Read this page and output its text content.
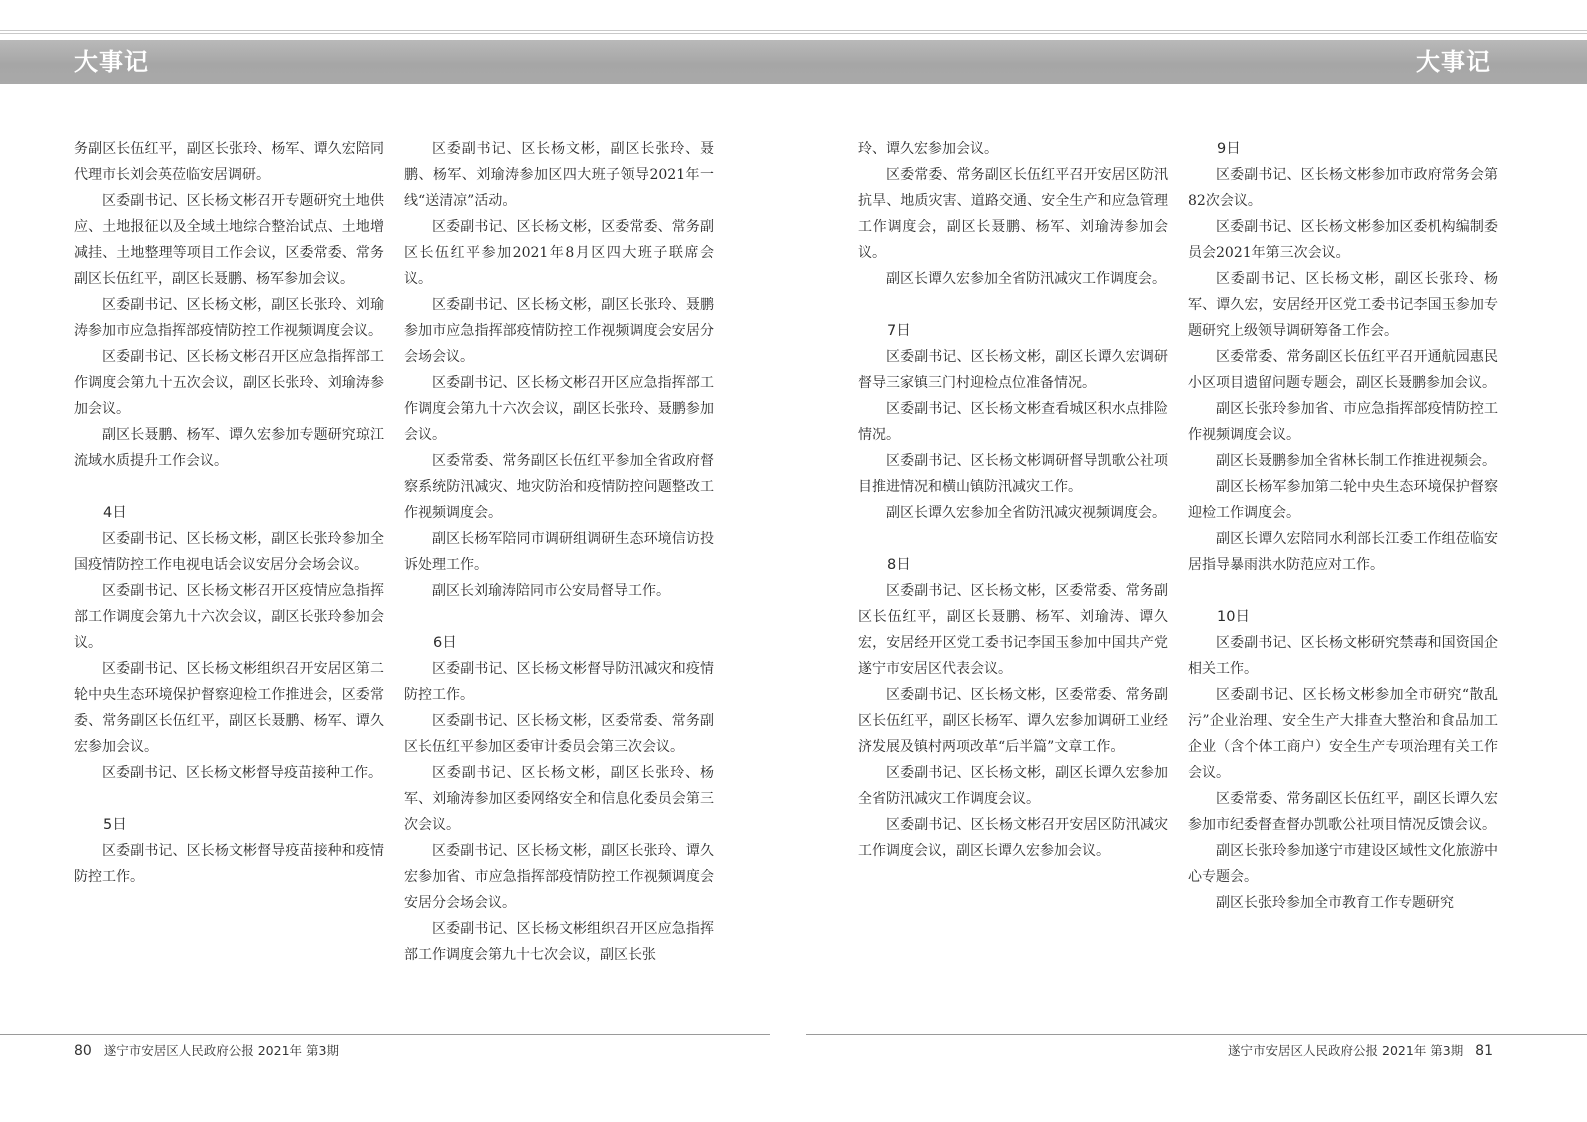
大事记	大事记

务副区长伍红平，副区长张玲、杨军、谭久宏陪同代理市长刘会英莅临安居调研。

区委副书记、区长杨文彬召开专题研究土地供应、土地报征以及全域土地综合整治试点、土地增减挂、土地整理等项目工作会议，区委常委、常务副区长伍红平，副区长聂鹏、杨军参加会议。

区委副书记、区长杨文彬，副区长张玲、刘瑜涛参加市应急指挥部疫情防控工作视频调度会议。

区委副书记、区长杨文彬召开区应急指挥部工作调度会第九十五次会议，副区长张玲、刘瑜涛参加会议。

副区长聂鹏、杨军、谭久宏参加专题研究琼江流域水质提升工作会议。

4日

区委副书记、区长杨文彬，副区长张玲参加全国疫情防控工作电视电话会议安居分会场会议。

区委副书记、区长杨文彬召开区疫情应急指挥部工作调度会第九十六次会议，副区长张玲参加会议。

区委副书记、区长杨文彬组织召开安居区第二轮中央生态环境保护督察迎检工作推进会，区委常委、常务副区长伍红平，副区长聂鹏、杨军、谭久宏参加会议。

区委副书记、区长杨文彬督导疫苗接种工作。

5日

区委副书记、区长杨文彬督导疫苗接种和疫情防控工作。

区委副书记、区长杨文彬，副区长张玲、聂鹏、杨军、刘瑜涛参加区四大班子领导2021年一线“送清凉”活动。

区委副书记、区长杨文彬，区委常委、常务副区长伍红平参加2021年8月区四大班子联席会议。

区委副书记、区长杨文彬，副区长张玲、聂鹏参加市应急指挥部疫情防控工作视频调度会安居分会场会议。

区委副书记、区长杨文彬召开区应急指挥部工作调度会第九十六次会议，副区长张玲、聂鹏参加会议。

区委常委、常务副区长伍红平参加全省政府督察系统防汛减灾、地灾防治和疫情防控问题整改工作视频调度会。

副区长杨军陪同市调研组调研生态环境信访投诉处理工作。

副区长刘瑜涛陪同市公安局督导工作。

6日

区委副书记、区长杨文彬督导防汛减灾和疫情防控工作。

区委副书记、区长杨文彬，区委常委、常务副区长伍红平参加区委审计委员会第三次会议。

区委副书记、区长杨文彬，副区长张玲、杨军、刘瑜涛参加区委网络安全和信息化委员会第三次会议。

区委副书记、区长杨文彬，副区长张玲、谭久宏参加省、市应急指挥部疫情防控工作视频调度会安居分会场会议。

区委副书记、区长杨文彬组织召开区应急指挥部工作调度会第九十七次会议，副区长张

玲、谭久宏参加会议。

区委常委、常务副区长伍红平召开安居区防汛抗旱、地质灾害、道路交通、安全生产和应急管理工作调度会，副区长聂鹏、杨军、刘瑜涛参加会议。

副区长谭久宏参加全省防汛减灾工作调度会。

7日

区委副书记、区长杨文彬，副区长谭久宏调研督导三家镇三门村迎检点位准备情况。

区委副书记、区长杨文彬查看城区积水点排险情况。

区委副书记、区长杨文彬调研督导凯歌公社项目推进情况和横山镇防汛减灾工作。

副区长谭久宏参加全省防汛减灾视频调度会。

8日

区委副书记、区长杨文彬，区委常委、常务副区长伍红平，副区长聂鹏、杨军、刘瑜涛、谭久宏，安居经开区党工委书记李国玉参加中国共产党遂宁市安居区代表会议。

区委副书记、区长杨文彬，区委常委、常务副区长伍红平，副区长杨军、谭久宏参加调研工业经济发展及镇村两项改革“后半篇”文章工作。

区委副书记、区长杨文彬，副区长谭久宏参加全省防汛减灾工作调度会议。

区委副书记、区长杨文彬召开安居区防汛减灾工作调度会议，副区长谭久宏参加会议。

9日

区委副书记、区长杨文彬参加市政府常务会第82次会议。

区委副书记、区长杨文彬参加区委机构编制委员会2021年第三次会议。

区委副书记、区长杨文彬，副区长张玲、杨军、谭久宏，安居经开区党工委书记李国玉参加专题研究上级领导调研筹备工作会。

区委常委、常务副区长伍红平召开通航园惠民小区项目遗留问题专题会，副区长聂鹏参加会议。

副区长张玲参加省、市应急指挥部疫情防控工作视频调度会议。

副区长聂鹏参加全省林长制工作推进视频会。

副区长杨军参加第二轮中央生态环境保护督察迎检工作调度会。

副区长谭久宏陪同水利部长江委工作组莅临安居指导暴雨洪水防范应对工作。

10日

区委副书记、区长杨文彬研究禁毒和国资国企相关工作。

区委副书记、区长杨文彬参加全市研究“散乱污”企业治理、安全生产大排查大整治和食品加工企业（含个体工商户）安全生产专项治理有关工作会议。

区委常委、常务副区长伍红平，副区长谭久宏参加市纪委督查督办凯歌公社项目情况反馈会议。

副区长张玲参加遂宁市建设区域性文化旅游中心专题会。

副区长张玲参加全市教育工作专题研究

80 遂宁市安居区人民政府公报 2021年 第3期	遂宁市安居区人民政府公报 2021年 第3期 81
